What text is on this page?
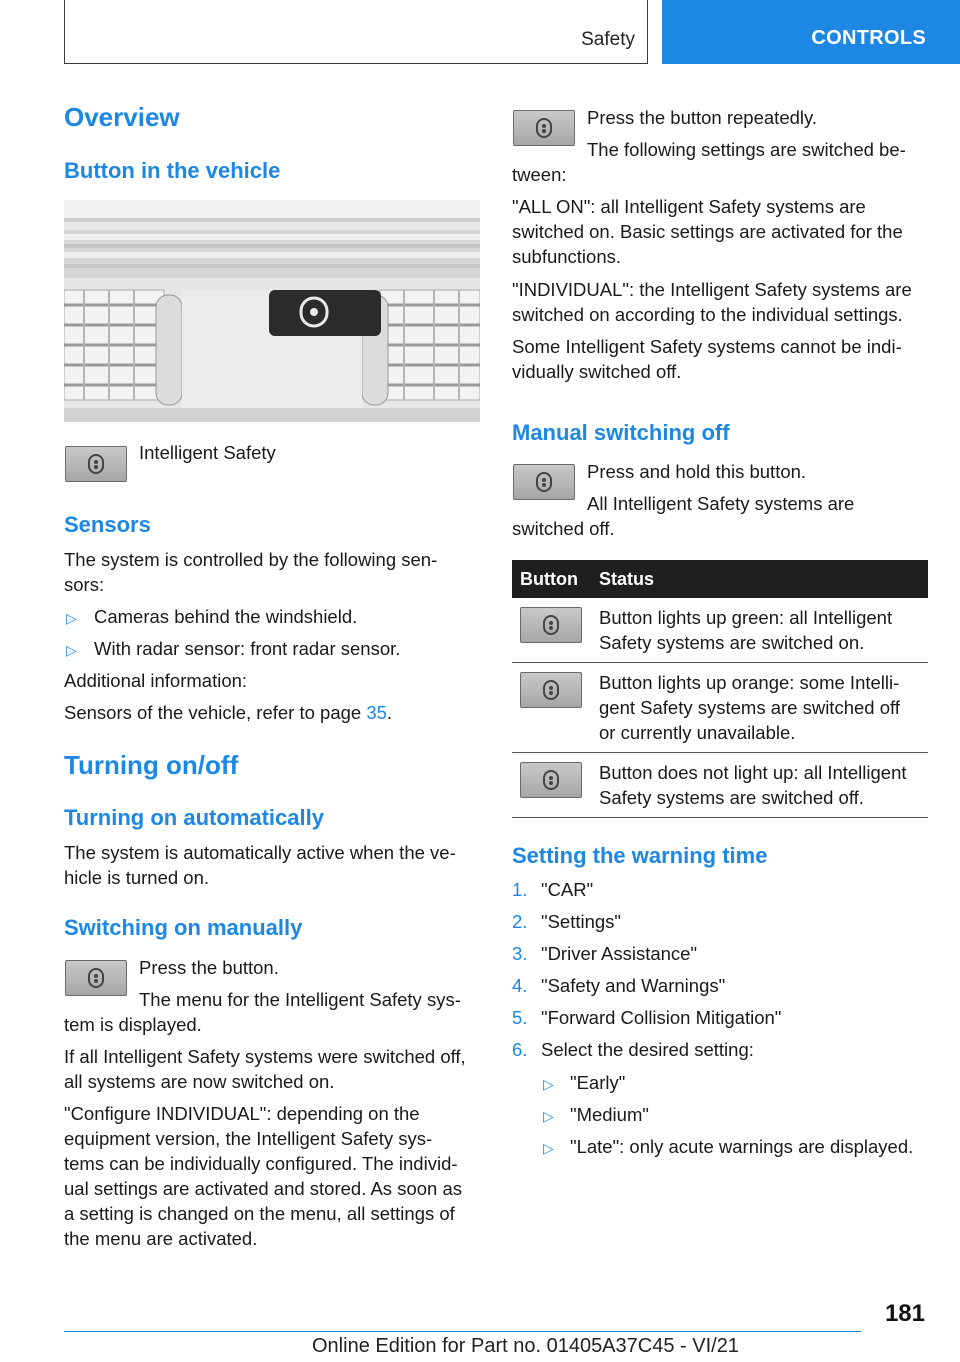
Safety	CONTROLS
Overview
Button in the vehicle
Intelligent Safety
Sensors
The system is controlled by the following sen-
sors:
▷ Cameras behind the windshield.
▷ With radar sensor: front radar sensor.
Additional information:
Sensors of the vehicle, refer to page 35.
Turning on/off
Turning on automatically
The system is automatically active when the ve-
hicle is turned on.
Switching on manually
Press the button.
The menu for the Intelligent Safety sys-
tem is displayed.
If all Intelligent Safety systems were switched off,
all systems are now switched on.
"Configure INDIVIDUAL": depending on the
equipment version, the Intelligent Safety sys-
tems can be individually configured. The individ-
ual settings are activated and stored. As soon as
a setting is changed on the menu, all settings of
the menu are activated.
Press the button repeatedly.
The following settings are switched be-
tween:
"ALL ON": all Intelligent Safety systems are
switched on. Basic settings are activated for the
subfunctions.
"INDIVIDUAL": the Intelligent Safety systems are
switched on according to the individual settings.
Some Intelligent Safety systems cannot be indi-
vidually switched off.
Manual switching off
Press and hold this button.
All Intelligent Safety systems are
switched off.
Button Status
Button lights up green: all Intelligent
Safety systems are switched on.
Button lights up orange: some Intelli-
gent Safety systems are switched off
or currently unavailable.
Button does not light up: all Intelligent
Safety systems are switched off.
Setting the warning time
1. "CAR"
2. "Settings"
3. "Driver Assistance"
4. "Safety and Warnings"
5. "Forward Collision Mitigation"
6. Select the desired setting:
▷ "Early"
▷ "Medium"
▷ "Late": only acute warnings are displayed.
181
Online Edition for Part no. 01405A37C45 - VI/21
